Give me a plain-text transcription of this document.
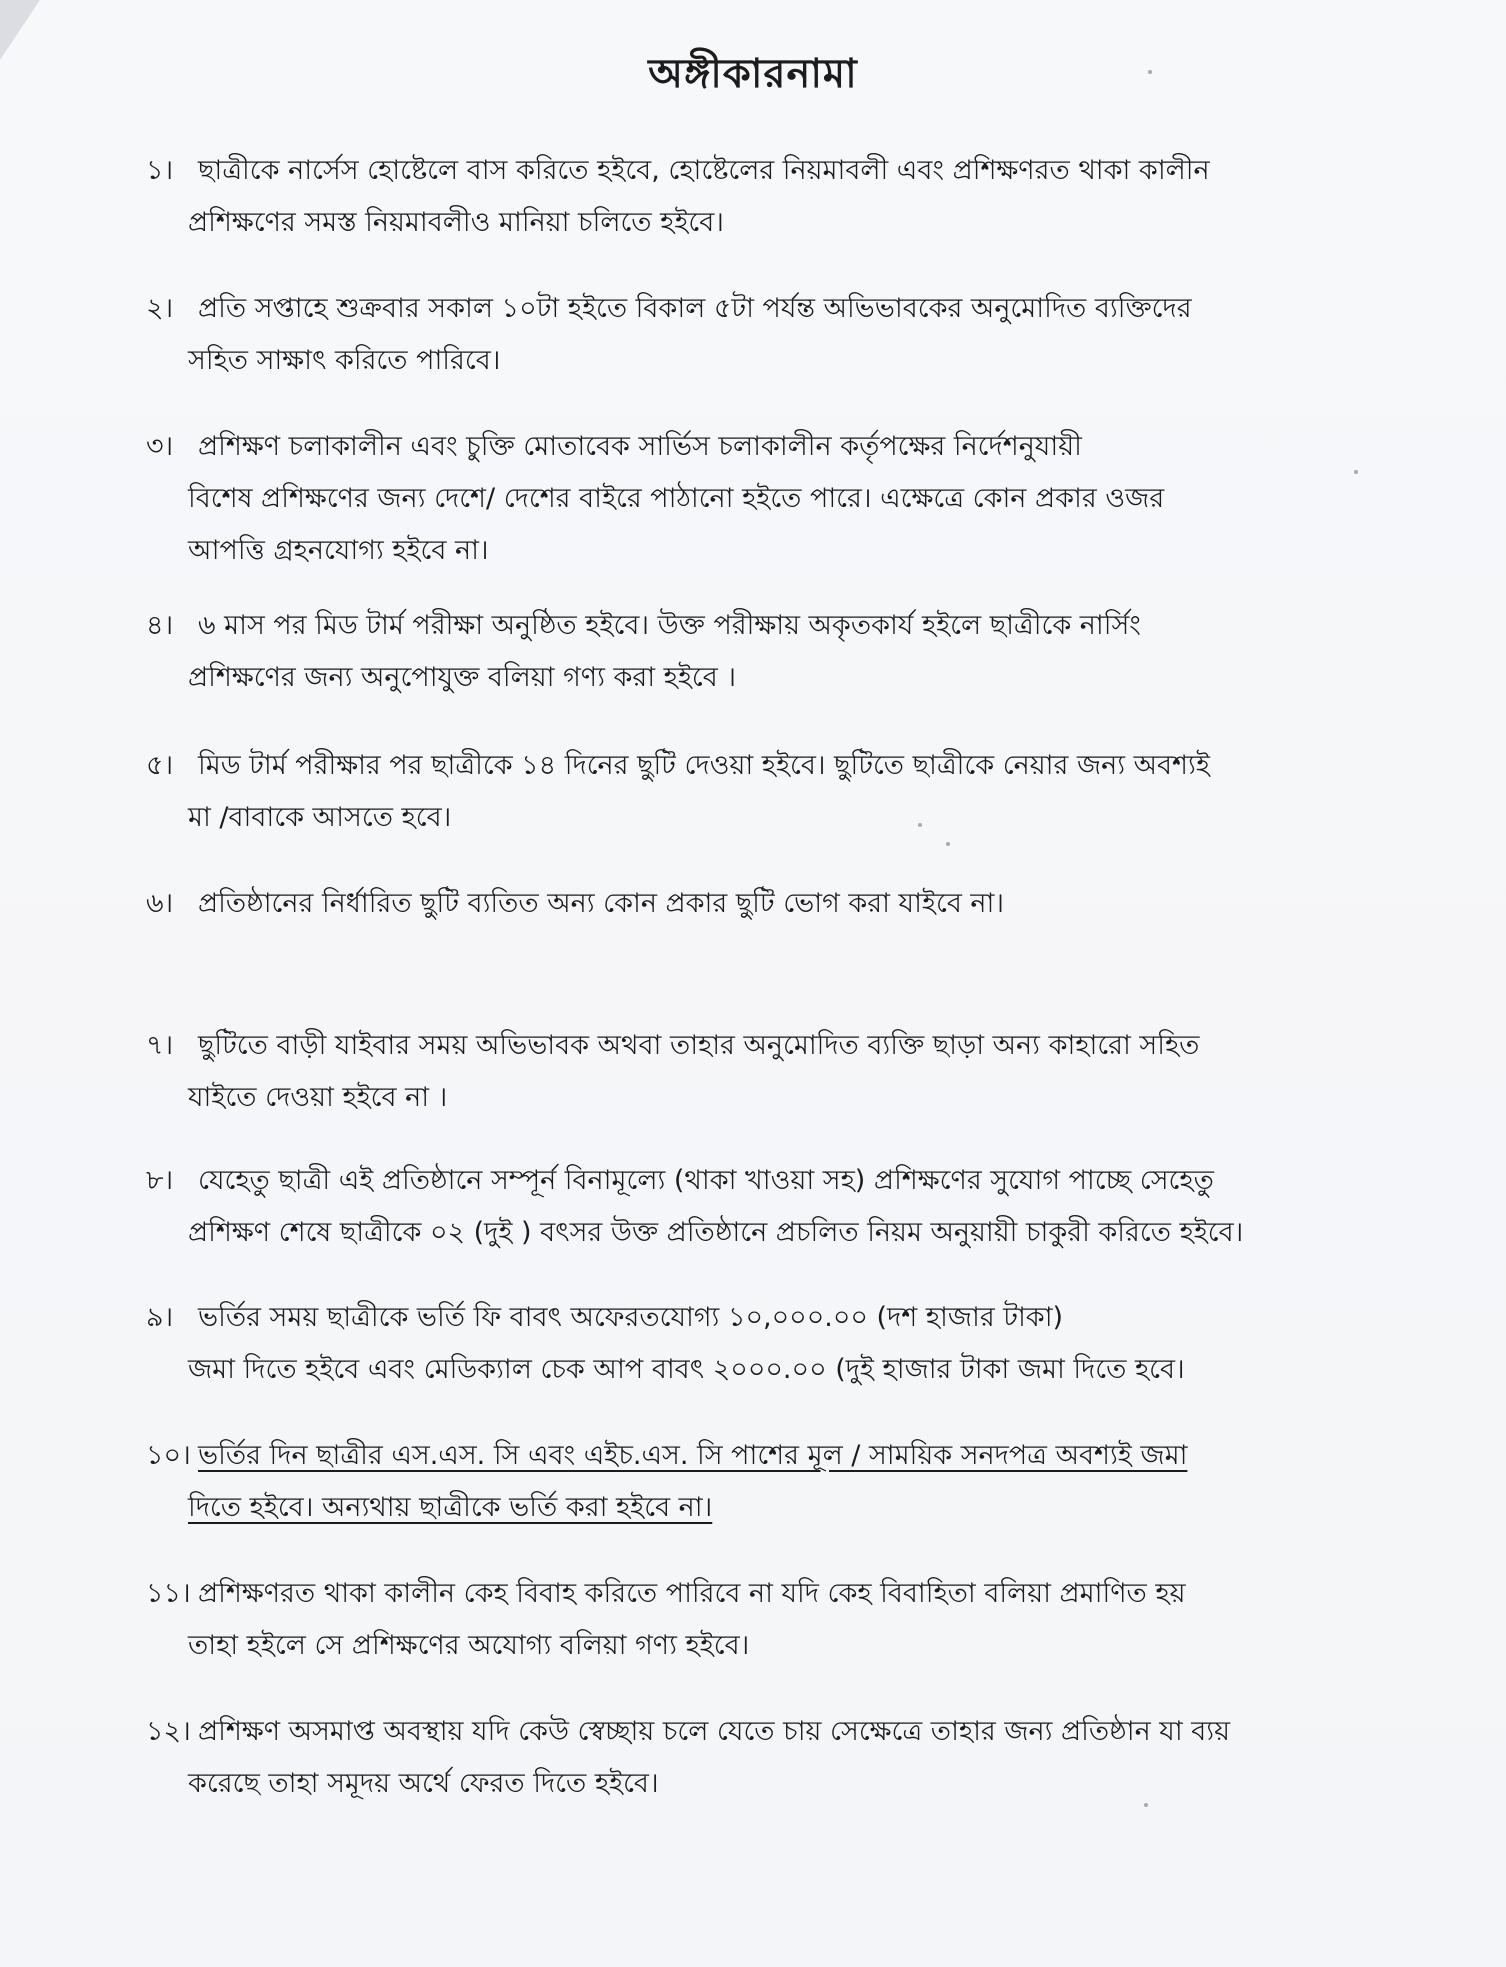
অঙ্গীকারনামা
১। ছাত্রীকে নার্সেস হোষ্টেলে বাস করিতে হইবে, হোষ্টেলের নিয়মাবলী এবং প্রশিক্ষণরত থাকা কালীন
প্রশিক্ষণের সমস্ত নিয়মাবলীও মানিয়া চলিতে হইবে।
২। প্রতি সপ্তাহে শুক্রবার সকাল ১০টা হইতে বিকাল ৫টা পর্যন্ত অভিভাবকের অনুমোদিত ব্যক্তিদের
সহিত সাক্ষাৎ করিতে পারিবে।
৩। প্রশিক্ষণ চলাকালীন এবং চুক্তি মোতাবেক সার্ভিস চলাকালীন কর্তৃপক্ষের নির্দেশনুযায়ী
বিশেষ প্রশিক্ষণের জন্য দেশে/ দেশের বাইরে পাঠানো হইতে পারে। এক্ষেত্রে কোন প্রকার ওজর
আপত্তি গ্রহনযোগ্য হইবে না।
৪। ৬ মাস পর মিড টার্ম পরীক্ষা অনুষ্ঠিত হইবে। উক্ত পরীক্ষায় অকৃতকার্য হইলে ছাত্রীকে নার্সিং
প্রশিক্ষণের জন্য অনুপোযুক্ত বলিয়া গণ্য করা হইবে ।
৫। মিড টার্ম পরীক্ষার পর ছাত্রীকে ১৪ দিনের ছুটি দেওয়া হইবে। ছুটিতে ছাত্রীকে নেয়ার জন্য অবশ্যই
মা /বাবাকে আসতে হবে।
৬। প্রতিষ্ঠানের নির্ধারিত ছুটি ব্যতিত অন্য কোন প্রকার ছুটি ভোগ করা যাইবে না।
৭। ছুটিতে বাড়ী যাইবার সময় অভিভাবক অথবা তাহার অনুমোদিত ব্যক্তি ছাড়া অন্য কাহারো সহিত
যাইতে দেওয়া হইবে না ।
৮। যেহেতু ছাত্রী এই প্রতিষ্ঠানে সম্পূর্ন বিনামূল্যে (থাকা খাওয়া সহ) প্রশিক্ষণের সুযোগ পাচ্ছে সেহেতু
প্রশিক্ষণ শেষে ছাত্রীকে ০২ (দুই ) বৎসর উক্ত প্রতিষ্ঠানে প্রচলিত নিয়ম অনুয়ায়ী চাকুরী করিতে হইবে।
৯। ভর্তির সময় ছাত্রীকে ভর্তি ফি বাবৎ অফেরতযোগ্য ১০,০০০.০০ (দশ হাজার টাকা)
জমা দিতে হইবে এবং মেডিক্যাল চেক আপ বাবৎ ২০০০.০০ (দুই হাজার টাকা জমা দিতে হবে।
১০। ভর্তির দিন ছাত্রীর এস.এস. সি এবং এইচ.এস. সি পাশের মূল / সাময়িক সনদপত্র অবশ্যই জমা
দিতে হইবে। অন্যথায় ছাত্রীকে ভর্তি করা হইবে না।
১১। প্রশিক্ষণরত থাকা কালীন কেহ বিবাহ করিতে পারিবে না যদি কেহ বিবাহিতা বলিয়া প্রমাণিত হয়
তাহা হইলে সে প্রশিক্ষণের অযোগ্য বলিয়া গণ্য হইবে।
১২। প্রশিক্ষণ অসমাপ্ত অবস্থায় যদি কেউ স্বেচ্ছায় চলে যেতে চায় সেক্ষেত্রে তাহার জন্য প্রতিষ্ঠান যা ব্যয়
করেছে তাহা সমূদয় অর্থে ফেরত দিতে হইবে।
